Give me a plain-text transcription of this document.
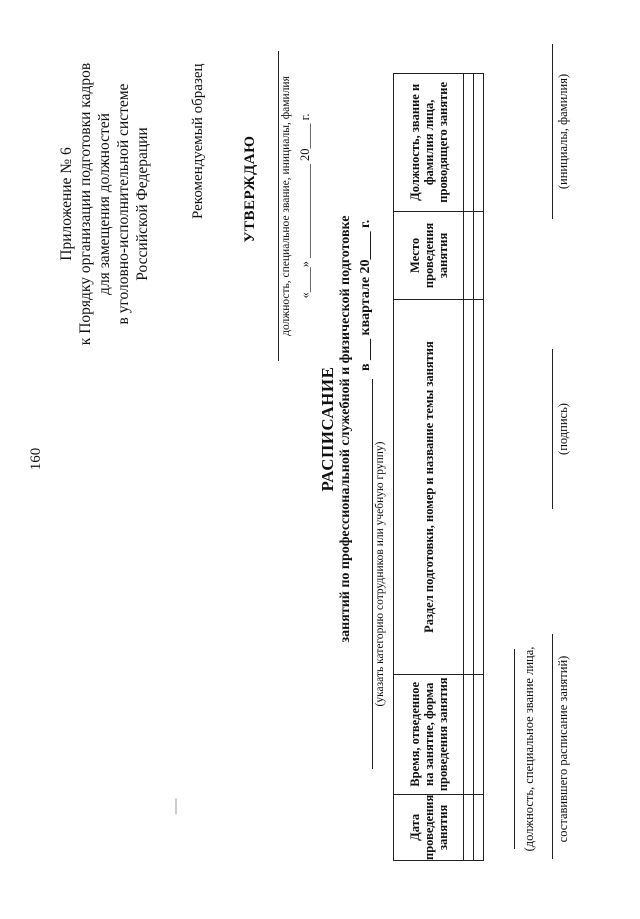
160
Приложение № 6 к Порядку организации подготовки кадров для замещения должностей в уголовно-исполнительной системе Российской Федерации	Рекомендуемый образец УТВЕРЖДАЮ должность, специальное звание, инициалы, фамилия «____» _______________ 20____ г.
РАСПИСАНИЕ занятий по профессиональной служебной и физической подготовке в ___ квартале 20____ г.
(указать категорию сотрудников или учебную группу)
Дата проведения занятия	Время, отведенное на занятие, форма проведения занятия	Раздел подготовки, номер и название темы занятия	Место проведения занятия	Должность, звание и фамилия лица, проводящего занятие

(должность, специальное звание лица, составившего расписание занятий)
(подпись)
(инициалы, фамилия)
